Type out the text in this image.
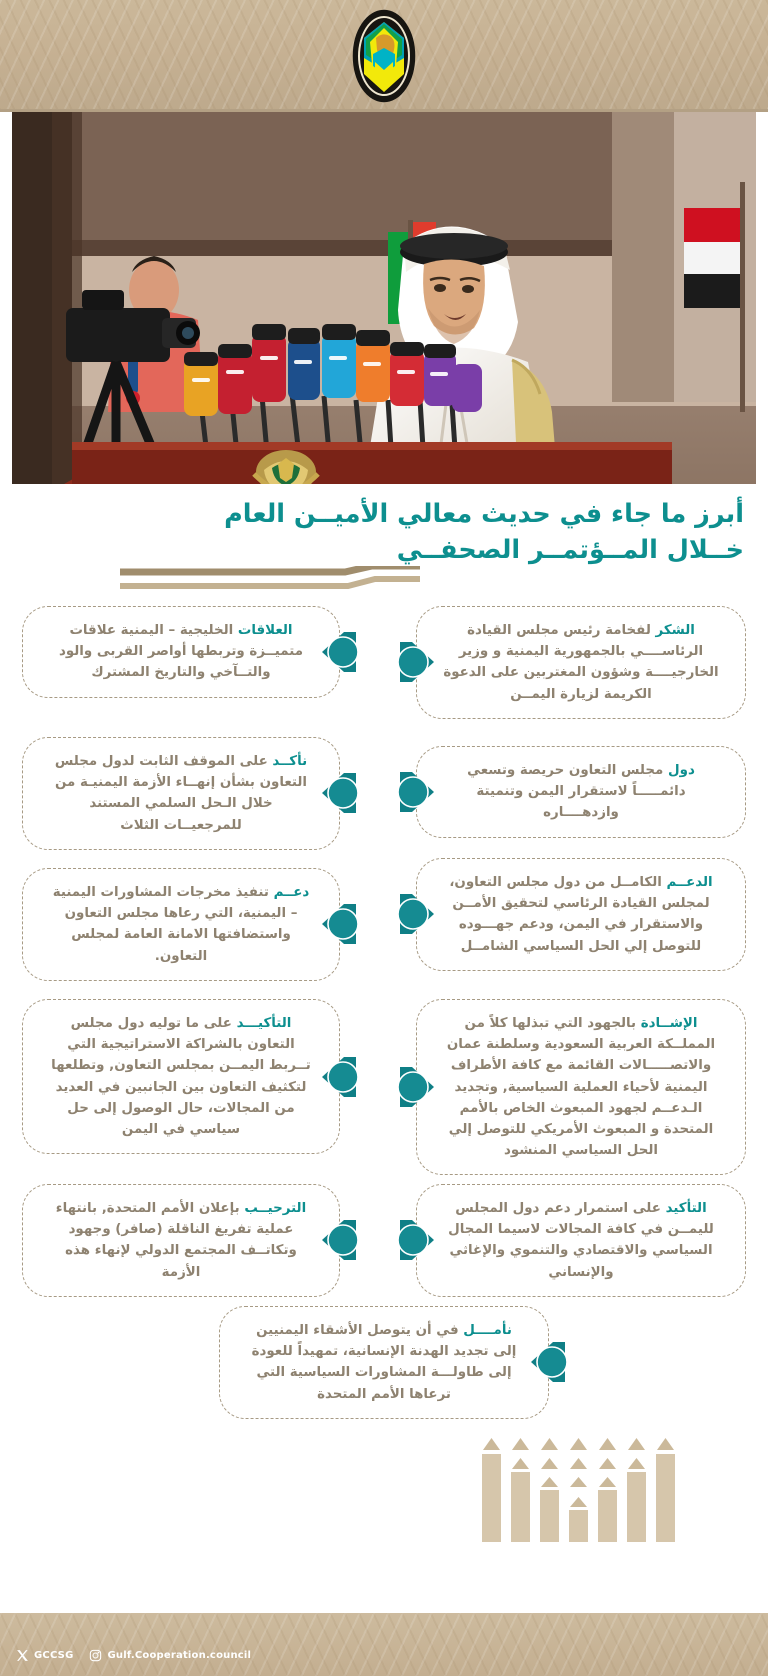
أبرز ما جاء في حديث معالي الأميــن العام
خــلال المــؤتمــر الصحفــي
العلاقات الخليجية – اليمنية علاقات متميــزة وتربطها أواصر القربى والود والتــآخي والتاريخ المشترك
الشكر لفخامة رئيس مجلس القيادة الرئاســــي بالجمهورية اليمنية و وزير الخارجيــــة وشؤون المغتربين على الدعوة الكريمة لزيارة اليمــن
نأكــد على الموقف الثابت لدول مجلس التعاون بشأن إنهــاء الأزمة اليمنيـة من خلال الـحل السلمي المستند للمرجعيــات الثلاث
دول مجلس التعاون حريصة وتسعي دائمـــــاً لاستقرار اليمن وتنميتة وازدهــــاره
دعــم تنفيذ مخرجات المشاورات اليمنية – اليمنية، التي رعاها مجلس التعاون واستضافتها الامانة العامة لمجلس التعاون.
الدعــم الكامــل من دول مجلس التعاون، لمجلس القيادة الرئاسي لتحقيق الأمــن والاستقرار في اليمن، ودعم جهـــوده للتوصل إلي الحل السياسي الشامــل
التأكيـــد على ما توليه دول مجلس التعاون بالشراكة الاستراتيجية التي تــربط اليمــن بمجلس التعاون, وتطلعها لتكثيف التعاون بين الجانبين في العديد من المجالات، حال الوصول إلى حل سياسي في اليمن
الإشــادة بالجهود التي تبذلها كلاً من المملــكة العربية السعودية وسلطنة عمان والاتصـــــالات القائمة مع كافة الأطراف اليمنية لأحياء العملية السياسية, وتجديد الـدعــم لجهود المبعوث الخاص بالأمم المتحدة و المبعوث الأمريكي للتوصل إلي الحل السياسي المنشود
الترحيــب بإعلان الأمم المتحدة, بانتهاء عملية تفريغ الناقلة (صافر) وجهود وتكاتــف المجتمع الدولي لإنهاء هذه الأزمة
التأكيد على استمرار دعم دول المجلس لليمــن في كافة المجالات لاسيما المجال السياسي والاقتصادي والتنموي والإغاثي والإنساني
نأمــــل في أن يتوصل الأشقاء اليمنيين إلى تجديد الهدنة الإنسانية، تمهيداً للعودة إلى طاولـــة المشاورات السياسية التي ترعاها الأمم المتحدة
GCCSG	Gulf.Cooperation.council
